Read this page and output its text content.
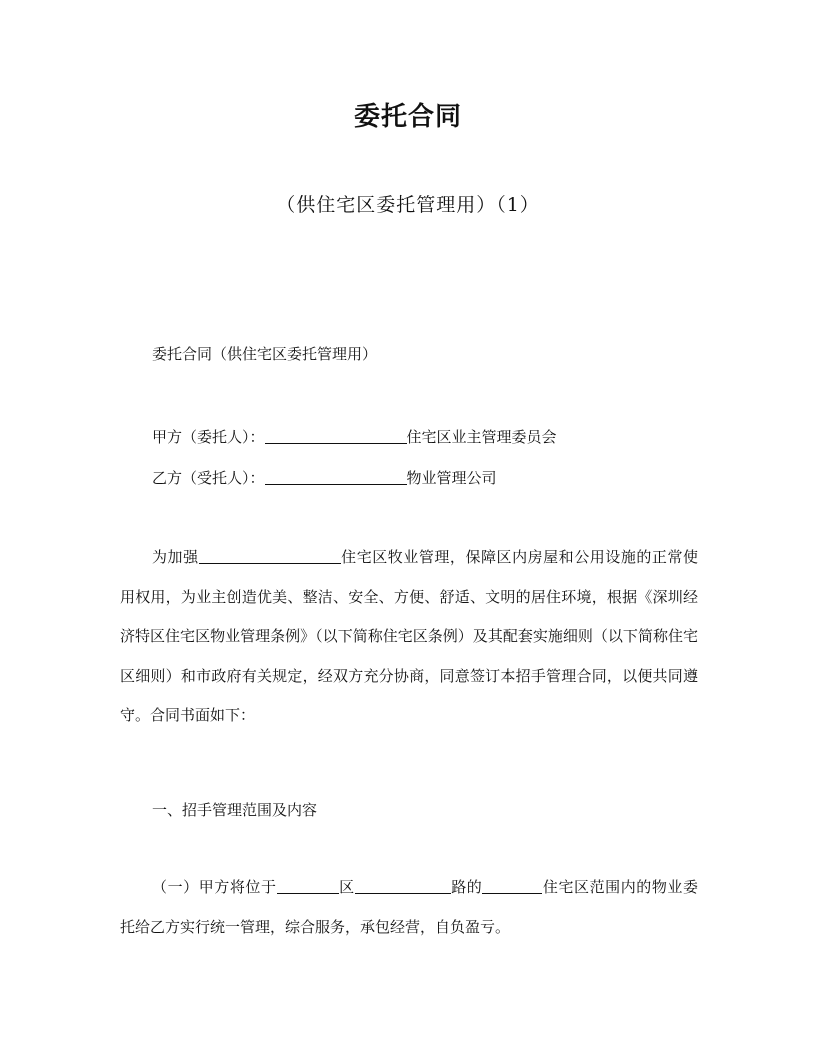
委托合同

（供住宅区委托管理用）（1）

委托合同（供住宅区委托管理用）

甲方（委托人）：	住宅区业主管理委员会

乙方（受托人）：	物业管理公司

为加强	住宅区牧业管理，保障区内房屋和公用设施的正常使用权用，为业主创造优美、整洁、安全、方便、舒适、文明的居住环境，根据《深圳经济特区住宅区物业管理条例》（以下简称住宅区条例）及其配套实施细则（以下简称住宅区细则）和市政府有关规定，经双方充分协商，同意签订本招手管理合同，以便共同遵守。合同书面如下：

一、招手管理范围及内容

（一）甲方将位于	区	路的	住宅区范围内的物业委托给乙方实行统一管理，综合服务，承包经营，自负盈亏。
